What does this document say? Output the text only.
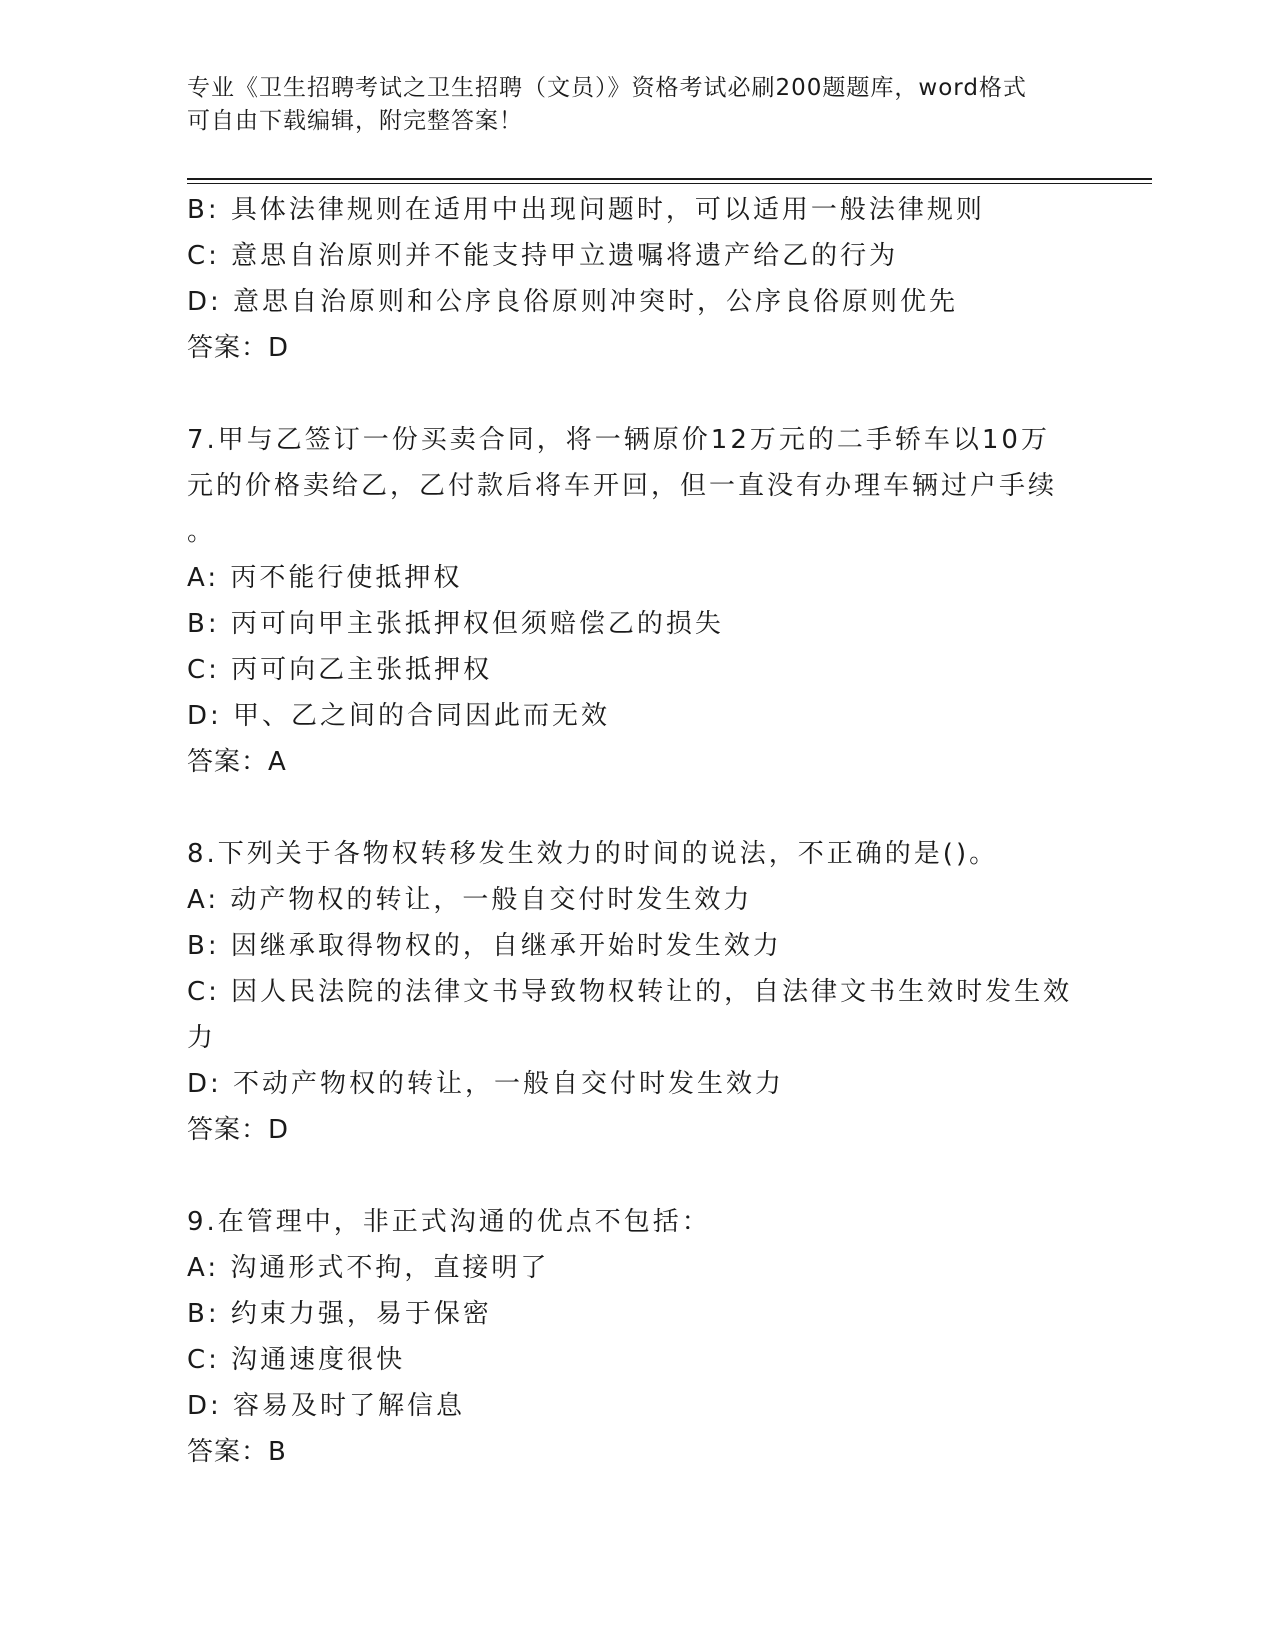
专业《卫生招聘考试之卫生招聘（文员）》资格考试必刷200题题库，word格式
可自由下载编辑，附完整答案！
B: 具体法律规则在适用中出现问题时，可以适用一般法律规则
C: 意思自治原则并不能支持甲立遗嘱将遗产给乙的行为
D: 意思自治原则和公序良俗原则冲突时，公序良俗原则优先
答案：D
7.甲与乙签订一份买卖合同，将一辆原价12万元的二手轿车以10万
元的价格卖给乙，乙付款后将车开回，但一直没有办理车辆过户手续
。
A: 丙不能行使抵押权
B: 丙可向甲主张抵押权但须赔偿乙的损失
C: 丙可向乙主张抵押权
D: 甲、乙之间的合同因此而无效
答案：A
8.下列关于各物权转移发生效力的时间的说法，不正确的是()。
A: 动产物权的转让，一般自交付时发生效力
B: 因继承取得物权的，自继承开始时发生效力
C: 因人民法院的法律文书导致物权转让的，自法律文书生效时发生效
力
D: 不动产物权的转让，一般自交付时发生效力
答案：D
9.在管理中，非正式沟通的优点不包括：
A: 沟通形式不拘，直接明了
B: 约束力强，易于保密
C: 沟通速度很快
D: 容易及时了解信息
答案：B
